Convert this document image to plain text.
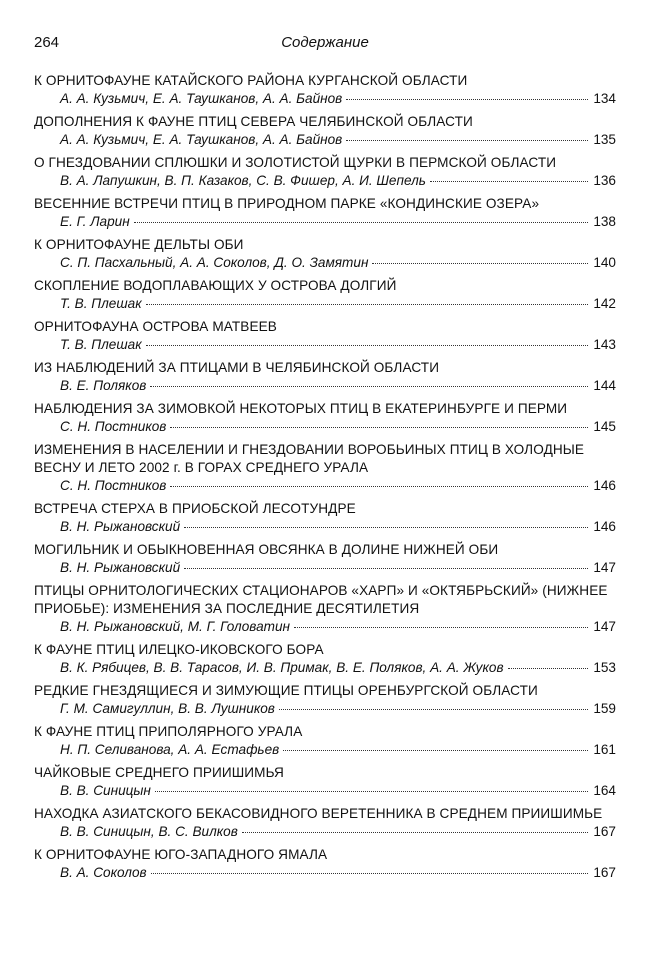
264	Содержание
К ОРНИТОФАУНЕ КАТАЙСКОГО РАЙОНА КУРГАНСКОЙ ОБЛАСТИ
А. А. Кузьмич, Е. А. Таушканов, А. А. Байнов	134
ДОПОЛНЕНИЯ К ФАУНЕ ПТИЦ СЕВЕРА ЧЕЛЯБИНСКОЙ ОБЛАСТИ
А. А. Кузьмич, Е. А. Таушканов, А. А. Байнов	135
О ГНЕЗДОВАНИИ СПЛЮШКИ И ЗОЛОТИСТОЙ ЩУРКИ В ПЕРМСКОЙ ОБЛАСТИ
В. А. Лапушкин, В. П. Казаков, С. В. Фишер, А. И. Шепель	136
ВЕСЕННИЕ ВСТРЕЧИ ПТИЦ В ПРИРОДНОМ ПАРКЕ «КОНДИНСКИЕ ОЗЕРА»
Е. Г. Ларин	138
К ОРНИТОФАУНЕ ДЕЛЬТЫ ОБИ
С. П. Пасхальный, А. А. Соколов, Д. О. Замятин	140
СКОПЛЕНИЕ ВОДОПЛАВАЮЩИХ У ОСТРОВА ДОЛГИЙ
Т. В. Плешак	142
ОРНИТОФАУНА ОСТРОВА МАТВЕЕВ
Т. В. Плешак	143
ИЗ НАБЛЮДЕНИЙ ЗА ПТИЦАМИ В ЧЕЛЯБИНСКОЙ ОБЛАСТИ
В. Е. Поляков	144
НАБЛЮДЕНИЯ ЗА ЗИМОВКОЙ НЕКОТОРЫХ ПТИЦ В ЕКАТЕРИНБУРГЕ И ПЕРМИ
С. Н. Постников	145
ИЗМЕНЕНИЯ В НАСЕЛЕНИИ И ГНЕЗДОВАНИИ ВОРОБЬИНЫХ ПТИЦ В ХОЛОДНЫЕ ВЕСНУ И ЛЕТО 2002 г. В ГОРАХ СРЕДНЕГО УРАЛА
С. Н. Постников	146
ВСТРЕЧА СТЕРХА В ПРИОБСКОЙ ЛЕСОТУНДРЕ
В. Н. Рыжановский	146
МОГИЛЬНИК И ОБЫКНОВЕННАЯ ОВСЯНКА В ДОЛИНЕ НИЖНЕЙ ОБИ
В. Н. Рыжановский	147
ПТИЦЫ ОРНИТОЛОГИЧЕСКИХ СТАЦИОНАРОВ «ХАРП» И «ОКТЯБРЬСКИЙ» (НИЖНЕЕ ПРИОБЬЕ): ИЗМЕНЕНИЯ ЗА ПОСЛЕДНИЕ ДЕСЯТИЛЕТИЯ
В. Н. Рыжановский, М. Г. Головатин	147
К ФАУНЕ ПТИЦ ИЛЕЦКО-ИКОВСКОГО БОРА
В. К. Рябицев, В. В. Тарасов, И. В. Примак, В. Е. Поляков, А. А. Жуков	153
РЕДКИЕ ГНЕЗДЯЩИЕСЯ И ЗИМУЮЩИЕ ПТИЦЫ ОРЕНБУРГСКОЙ ОБЛАСТИ
Г. М. Самигуллин, В. В. Лушников	159
К ФАУНЕ ПТИЦ ПРИПОЛЯРНОГО УРАЛА
Н. П. Селиванова, А. А. Естафьев	161
ЧАЙКОВЫЕ СРЕДНЕГО ПРИИШИМЬЯ
В. В. Синицын	164
НАХОДКА АЗИАТСКОГО БЕКАСОВИДНОГО ВЕРЕТЕННИКА В СРЕДНЕМ ПРИИШИМЬЕ
В. В. Синицын, В. С. Вилков	167
К ОРНИТОФАУНЕ ЮГО-ЗАПАДНОГО ЯМАЛА
В. А. Соколов	167
